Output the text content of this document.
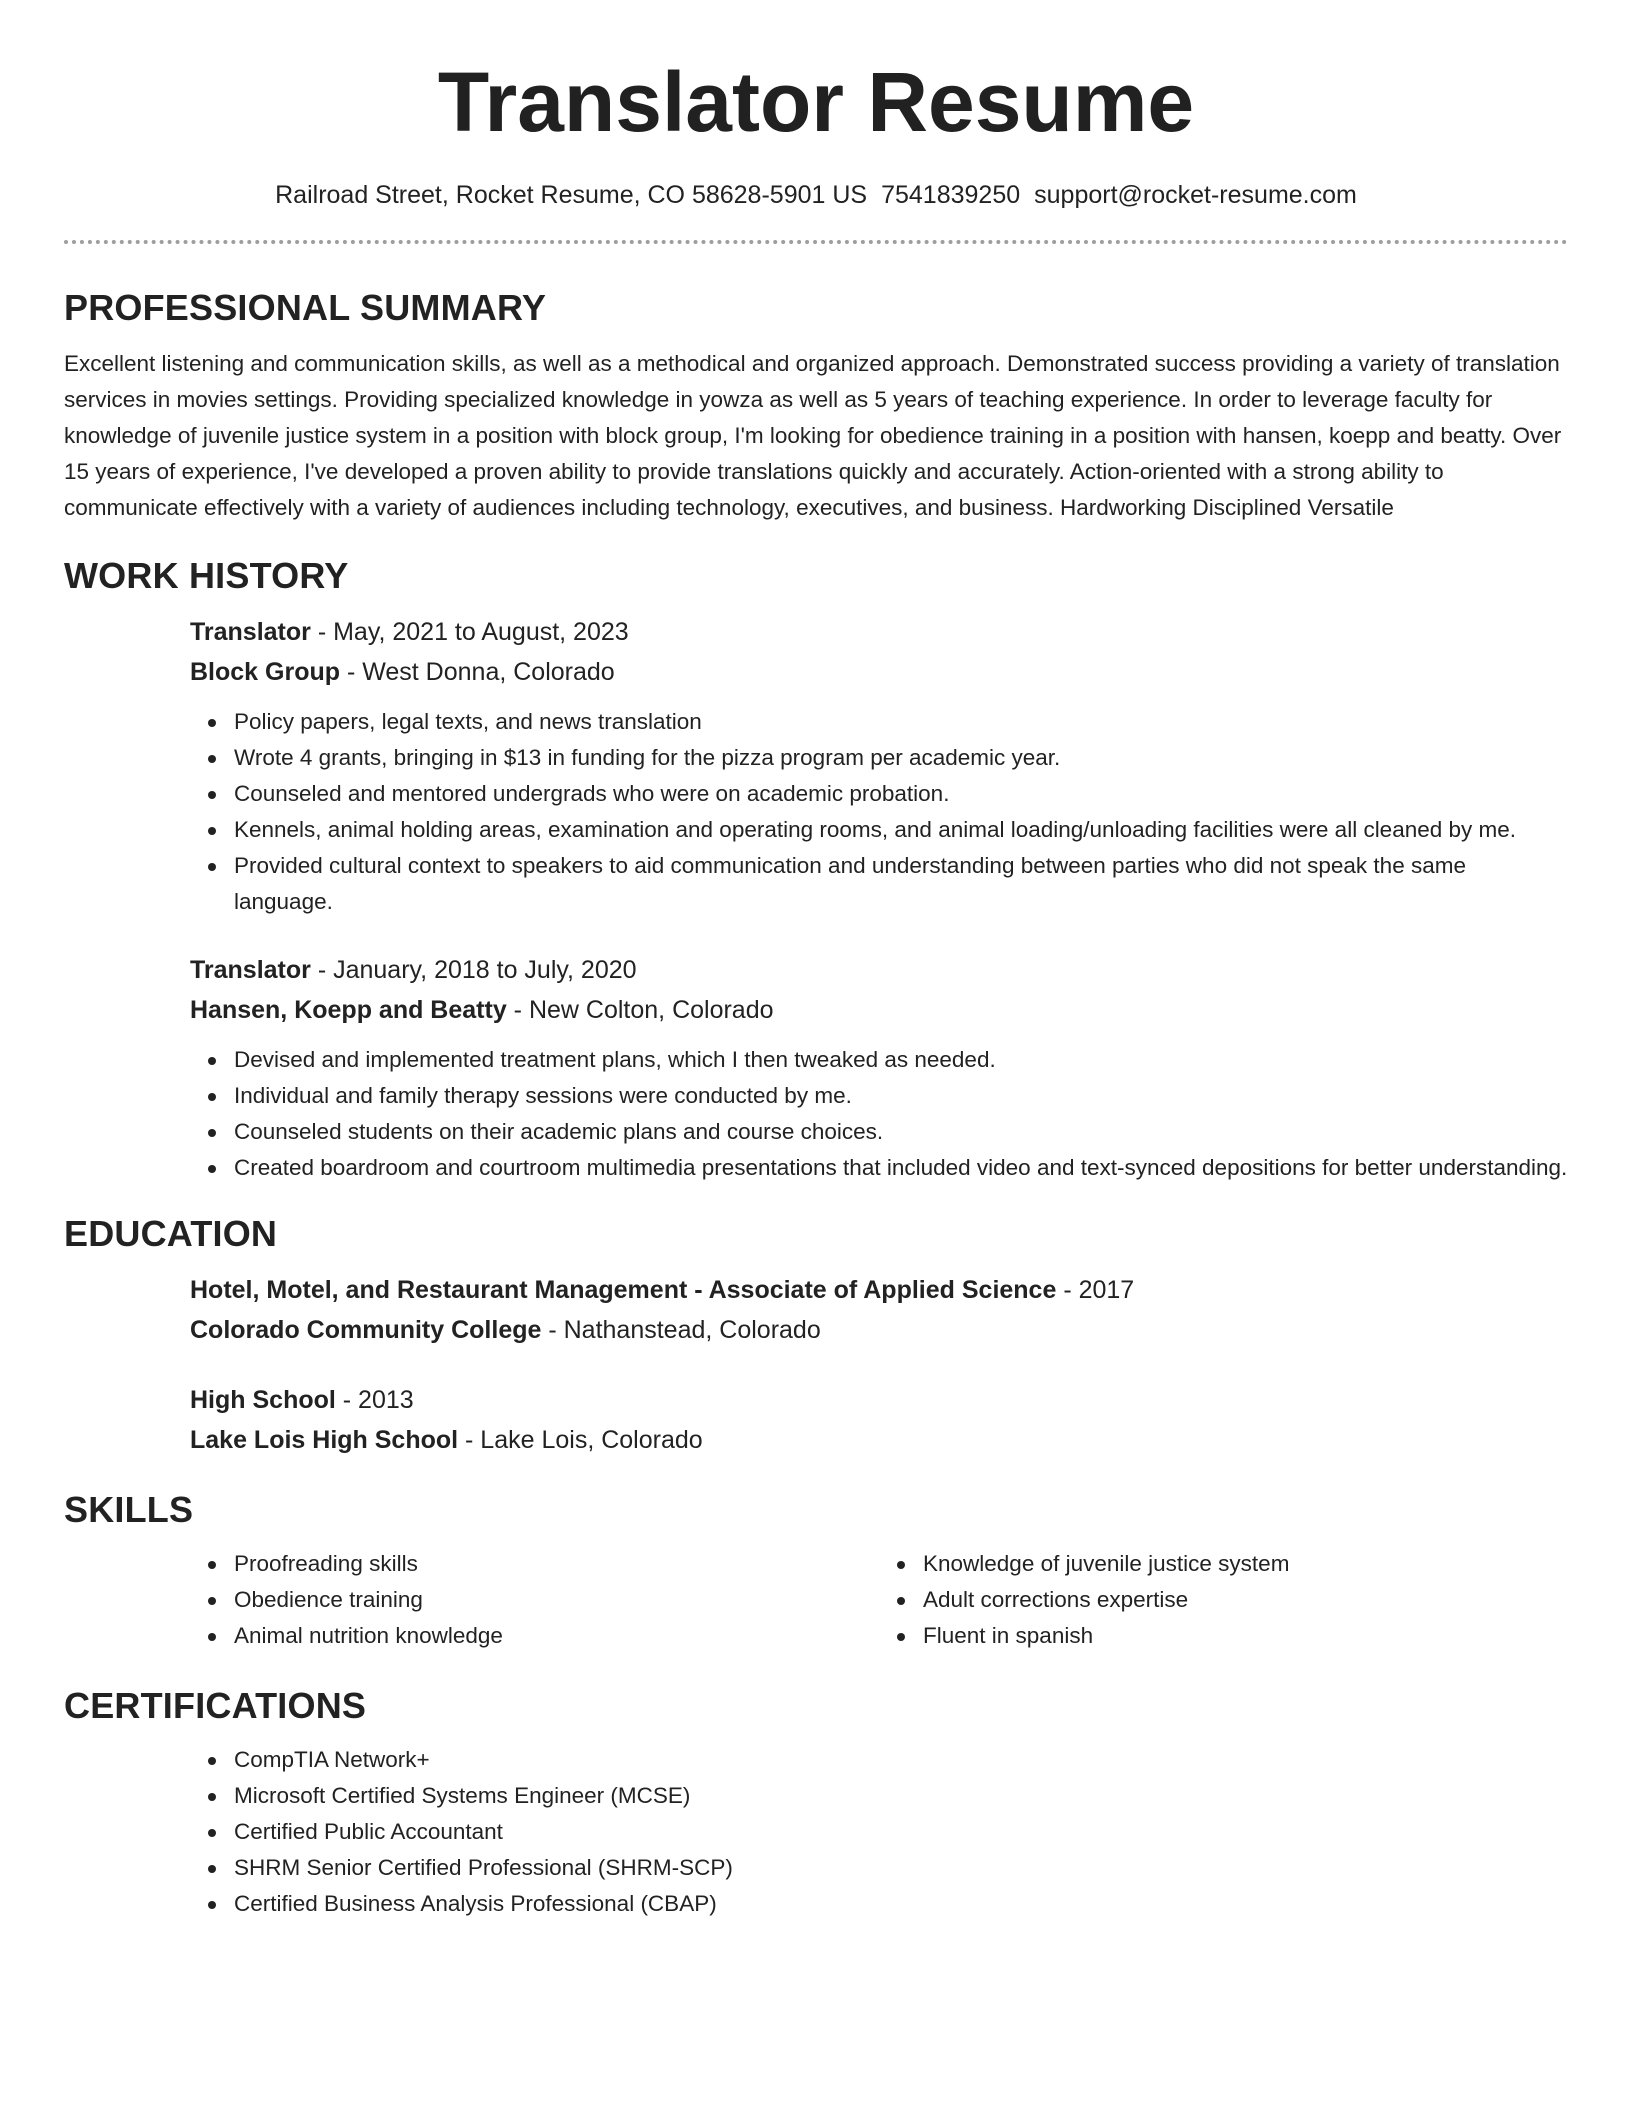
Translator Resume
Railroad Street, Rocket Resume, CO 58628-5901 US 7541839250 support@rocket-resume.com
PROFESSIONAL SUMMARY

Excellent listening and communication skills, as well as a methodical and organized approach. Demonstrated success providing a variety of translation services in movies settings. Providing specialized knowledge in yowza as well as 5 years of teaching experience. In order to leverage faculty for knowledge of juvenile justice system in a position with block group, I'm looking for obedience training in a position with hansen, koepp and beatty. Over 15 years of experience, I've developed a proven ability to provide translations quickly and accurately. Action-oriented with a strong ability to communicate effectively with a variety of audiences including technology, executives, and business. Hardworking Disciplined Versatile

WORK HISTORY
Translator - May, 2021 to August, 2023
Block Group - West Donna, Colorado
Policy papers, legal texts, and news translation
Wrote 4 grants, bringing in $13 in funding for the pizza program per academic year.
Counseled and mentored undergrads who were on academic probation.
Kennels, animal holding areas, examination and operating rooms, and animal loading/unloading facilities were all cleaned by me.
Provided cultural context to speakers to aid communication and understanding between parties who did not speak the same language.
Translator - January, 2018 to July, 2020
Hansen, Koepp and Beatty - New Colton, Colorado
Devised and implemented treatment plans, which I then tweaked as needed.
Individual and family therapy sessions were conducted by me.
Counseled students on their academic plans and course choices.
Created boardroom and courtroom multimedia presentations that included video and text-synced depositions for better understanding.
EDUCATION
Hotel, Motel, and Restaurant Management - Associate of Applied Science - 2017
Colorado Community College - Nathanstead, Colorado
High School - 2013
Lake Lois High School - Lake Lois, Colorado
SKILLS
Proofreading skills
Obedience training
Animal nutrition knowledge
Knowledge of juvenile justice system
Adult corrections expertise
Fluent in spanish
CERTIFICATIONS
CompTIA Network+
Microsoft Certified Systems Engineer (MCSE)
Certified Public Accountant
SHRM Senior Certified Professional (SHRM-SCP)
Certified Business Analysis Professional (CBAP)
